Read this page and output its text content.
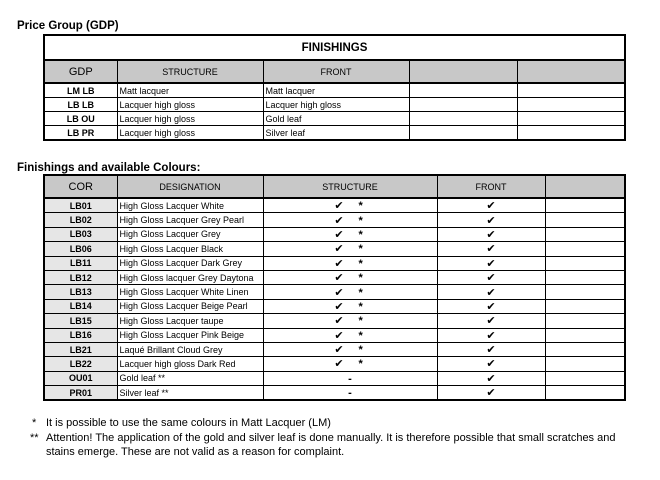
Price Group (GDP)
FINISHINGS				
GDP	STRUCTURE	FRONT		
LM LB	Matt lacquer	Matt lacquer		
LB LB	Lacquer high gloss	Lacquer high gloss		
LB OU	Lacquer high gloss	Gold leaf		
LB PR	Lacquer high gloss	Silver leaf		
Finishings and available Colours:
COR	DESIGNATION	STRUCTURE	FRONT	
LB01	High Gloss Lacquer White	✔ *	✔	
LB02	High Gloss Lacquer Grey Pearl	✔ *	✔	
LB03	High Gloss Lacquer Grey	✔ *	✔	
LB06	High Gloss Lacquer Black	✔ *	✔	
LB11	High Gloss Lacquer Dark Grey	✔ *	✔	
LB12	High Gloss lacquer Grey Daytona	✔ *	✔	
LB13	High Gloss Lacquer White Linen	✔ *	✔	
LB14	High Gloss Lacquer Beige Pearl	✔ *	✔	
LB15	High Gloss Lacquer taupe	✔ *	✔	
LB16	High Gloss Lacquer Pink Beige	✔ *	✔	
LB21	Laqué Brillant Cloud Grey	✔ *	✔	
LB22	Lacquer high gloss Dark Red	✔ *	✔	
OU01	Gold leaf **	-	✔	
PR01	Silver leaf **	-	✔	
* It is possible to use the same colours in Matt Lacquer (LM)
** Attention! The application of the gold and silver leaf is done manually. It is therefore possible that small scratches and stains emerge. These are not valid as a reason for complaint.
